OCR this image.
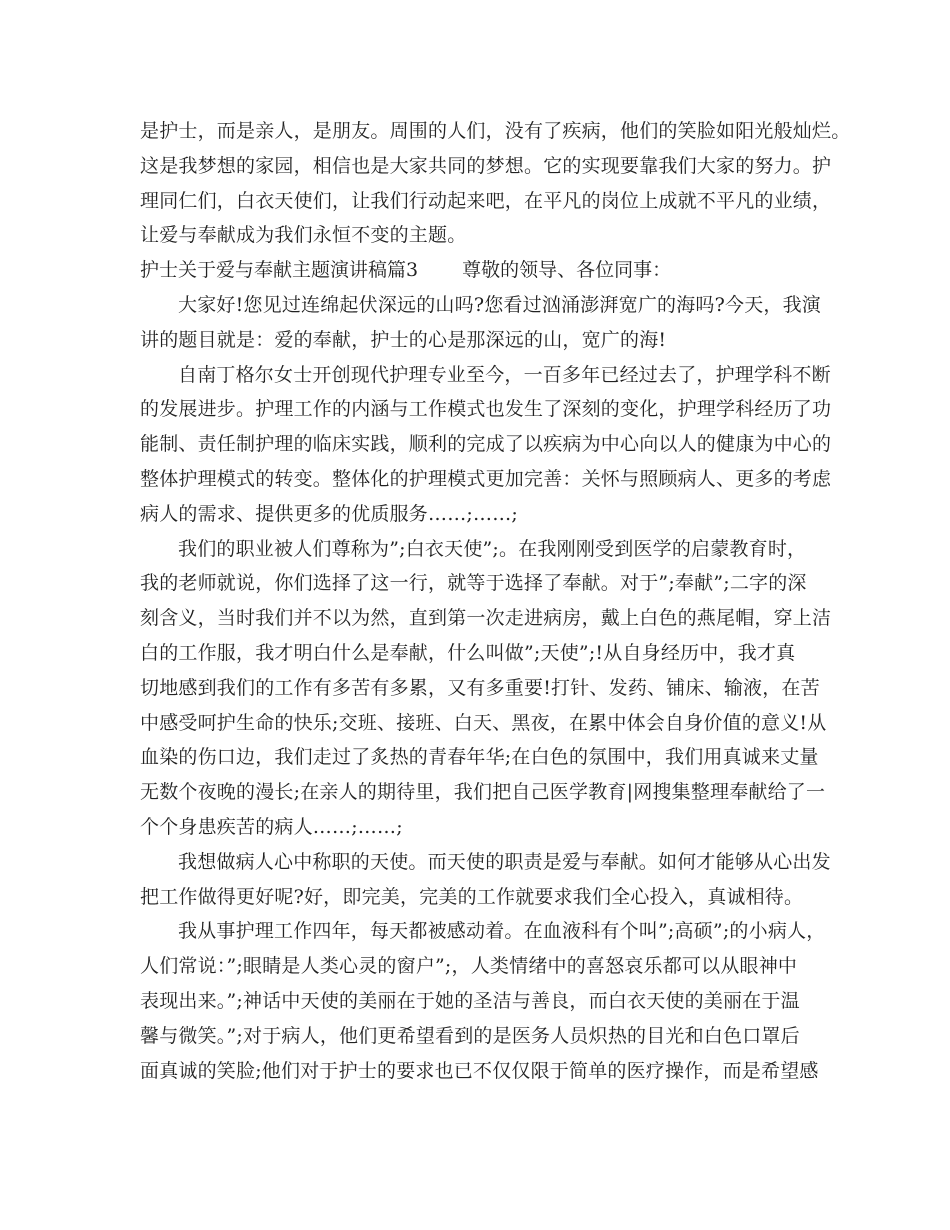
是护士，而是亲人，是朋友。周围的人们，没有了疾病，他们的笑脸如阳光般灿烂。
这是我梦想的家园，相信也是大家共同的梦想。它的实现要靠我们大家的努力。护
理同仁们，白衣天使们，让我们行动起来吧，在平凡的岗位上成就不平凡的业绩，
让爱与奉献成为我们永恒不变的主题。
护士关于爱与奉献主题演讲稿篇3 尊敬的领导、各位同事：
大家好!您见过连绵起伏深远的山吗?您看过汹涌澎湃宽广的海吗?今天，我演
讲的题目就是：爱的奉献，护士的心是那深远的山，宽广的海!
自南丁格尔女士开创现代护理专业至今，一百多年已经过去了，护理学科不断
的发展进步。护理工作的内涵与工作模式也发生了深刻的变化，护理学科经历了功
能制、责任制护理的临床实践，顺利的完成了以疾病为中心向以人的健康为中心的
整体护理模式的转变。整体化的护理模式更加完善：关怀与照顾病人、更多的考虑
病人的需求、提供更多的优质服务……;……;
我们的职业被人们尊称为”;白衣天使”;。在我刚刚受到医学的启蒙教育时，
我的老师就说，你们选择了这一行，就等于选择了奉献。对于”;奉献”;二字的深
刻含义，当时我们并不以为然，直到第一次走进病房，戴上白色的燕尾帽，穿上洁
白的工作服，我才明白什么是奉献，什么叫做”;天使”;!从自身经历中，我才真
切地感到我们的工作有多苦有多累，又有多重要!打针、发药、铺床、输液，在苦
中感受呵护生命的快乐;交班、接班、白天、黑夜，在累中体会自身价值的意义!从
血染的伤口边，我们走过了炙热的青春年华;在白色的氛围中，我们用真诚来丈量
无数个夜晚的漫长;在亲人的期待里，我们把自己医学教育|网搜集整理奉献给了一
个个身患疾苦的病人……;……;
我想做病人心中称职的天使。而天使的职责是爱与奉献。如何才能够从心出发
把工作做得更好呢?好，即完美，完美的工作就要求我们全心投入，真诚相待。
我从事护理工作四年，每天都被感动着。在血液科有个叫”;高硕”;的小病人，
人们常说：”;眼睛是人类心灵的窗户”;，人类情绪中的喜怒哀乐都可以从眼神中
表现出来。”;神话中天使的美丽在于她的圣洁与善良，而白衣天使的美丽在于温
馨与微笑。”;对于病人，他们更希望看到的是医务人员炽热的目光和白色口罩后
面真诚的笑脸;他们对于护士的要求也已不仅仅限于简单的医疗操作，而是希望感
